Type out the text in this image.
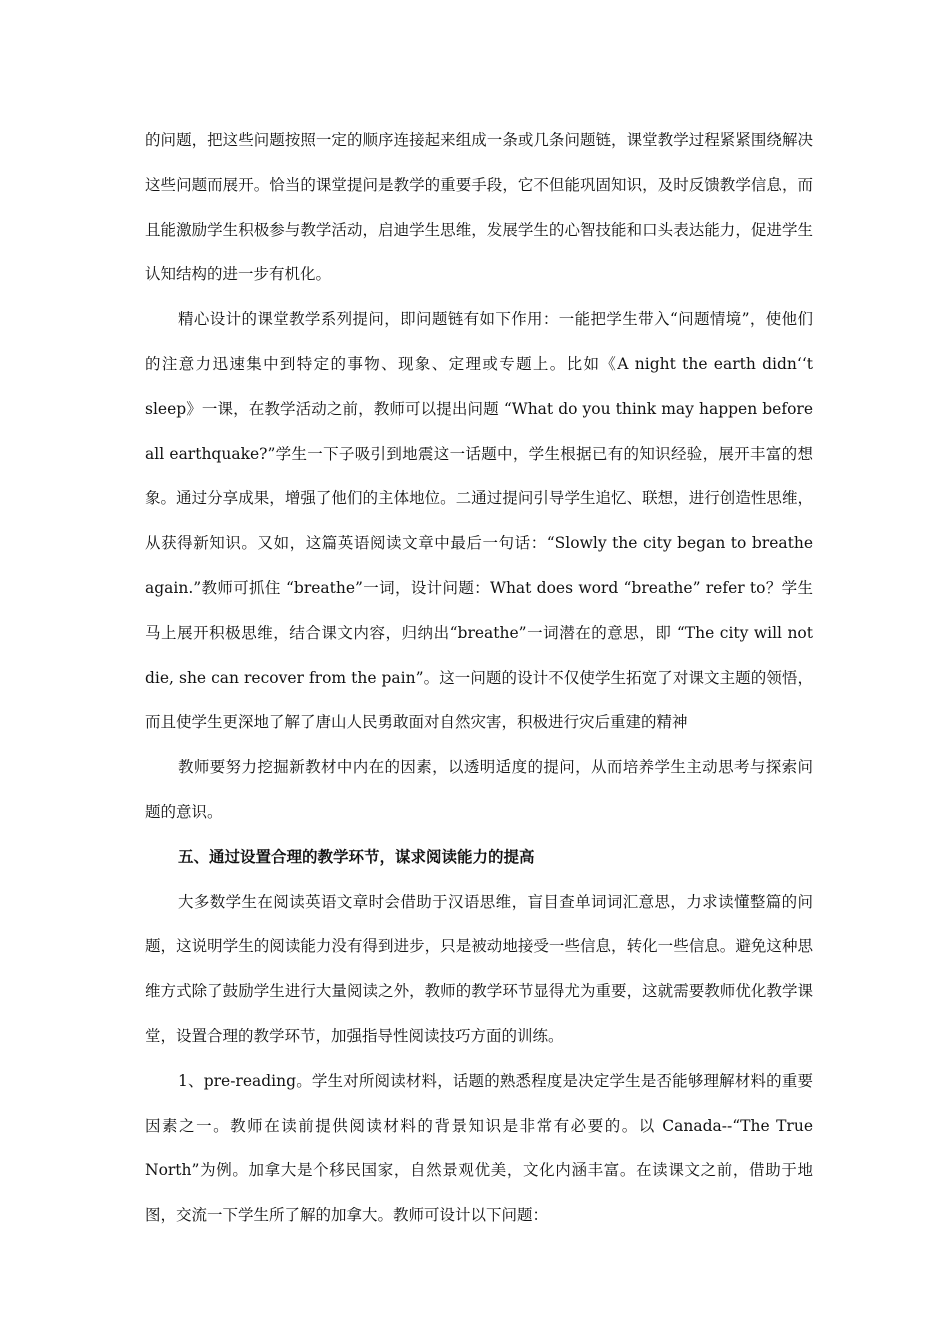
的问题，把这些问题按照一定的顺序连接起来组成一条或几条问题链，课堂教学过程紧紧围绕解决这些问题而展开。恰当的课堂提问是教学的重要手段，它不但能巩固知识，及时反馈教学信息，而且能激励学生积极参与教学活动，启迪学生思维，发展学生的心智技能和口头表达能力，促进学生认知结构的进一步有机化。

精心设计的课堂教学系列提问，即问题链有如下作用：一能把学生带入“问题情境”，使他们的注意力迅速集中到特定的事物、现象、定理或专题上。比如《A night the earth didn‘‘t sleep》一课，在教学活动之前，教师可以提出问题 “What do you think may happen before all earthquake?”学生一下子吸引到地震这一话题中，学生根据已有的知识经验，展开丰富的想象。通过分享成果，增强了他们的主体地位。二通过提问引导学生追忆、联想，进行创造性思维，从获得新知识。又如，这篇英语阅读文章中最后一句话：“Slowly the city began to breathe again.”教师可抓住 “breathe”一词，设计问题：What does word “breathe” refer to？学生马上展开积极思维，结合课文内容，归纳出“breathe”一词潜在的意思，即 “The city will not die, she can recover from the pain”。这一问题的设计不仅使学生拓宽了对课文主题的领悟，而且使学生更深地了解了唐山人民勇敢面对自然灾害，积极进行灾后重建的精神

教师要努力挖掘新教材中内在的因素，以透明适度的提问，从而培养学生主动思考与探索问题的意识。

五、通过设置合理的教学环节，谋求阅读能力的提高

大多数学生在阅读英语文章时会借助于汉语思维，盲目查单词词汇意思，力求读懂整篇的问题，这说明学生的阅读能力没有得到进步，只是被动地接受一些信息，转化一些信息。避免这种思维方式除了鼓励学生进行大量阅读之外，教师的教学环节显得尤为重要，这就需要教师优化教学课堂，设置合理的教学环节，加强指导性阅读技巧方面的训练。

1、pre-reading。学生对所阅读材料，话题的熟悉程度是决定学生是否能够理解材料的重要因素之一。教师在读前提供阅读材料的背景知识是非常有必要的。以 Canada--“The True North”为例。加拿大是个移民国家，自然景观优美，文化内涵丰富。在读课文之前，借助于地图，交流一下学生所了解的加拿大。教师可设计以下问题：
